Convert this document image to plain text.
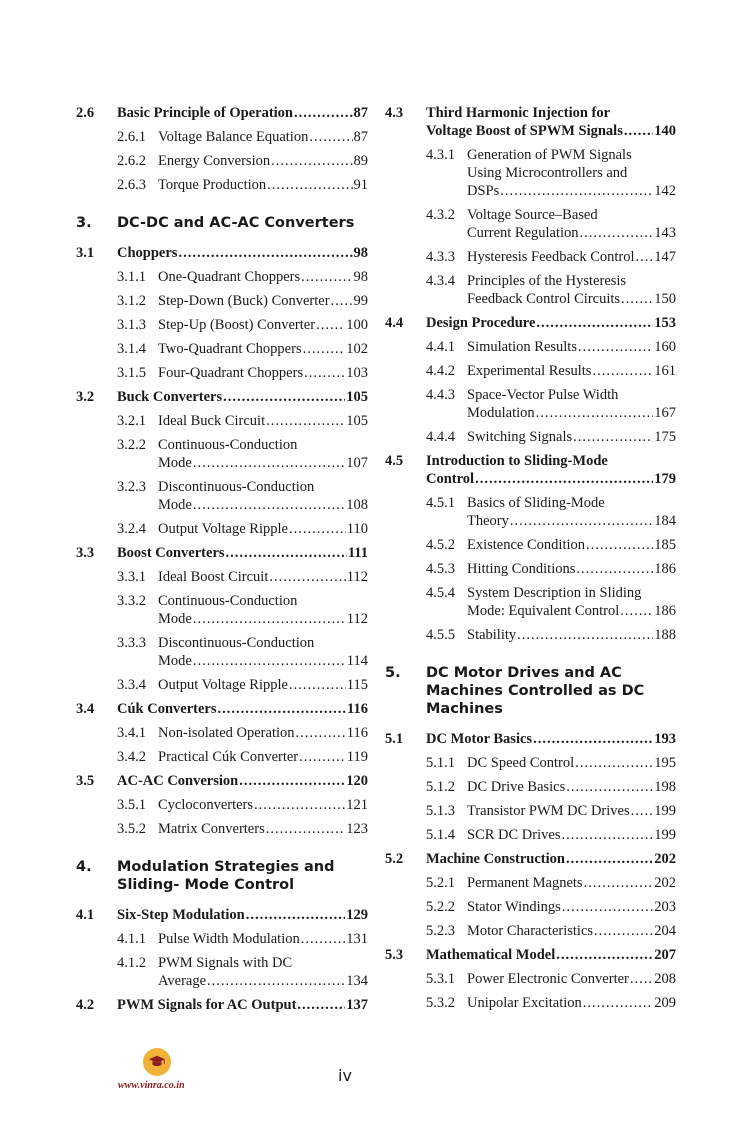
2.6	Basic Principle of Operation .....	87
2.6.1 Voltage Balance Equation .....	87
2.6.2 Energy Conversion .....	89
2.6.3 Torque Production .....	91
3.	DC-DC and AC-AC Converters
3.1	Choppers .....	98
3.1.1 One-Quadrant Choppers .....	98
3.1.2 Step-Down (Buck) Converter ..... 99
3.1.3 Step-Up (Boost) Converter ..... 100
3.1.4 Two-Quadrant Choppers .....	102
3.1.5 Four-Quadrant Choppers .....	103
3.2	Buck Converters .....	105
3.2.1 Ideal Buck Circuit .....	105
3.2.2 Continuous-Conduction
Mode .....	107
3.2.3 Discontinuous-Conduction
Mode .....	108
3.2.4 Output Voltage Ripple .....	110
3.3	Boost Converters .....	111
3.3.1 Ideal Boost Circuit .....	112
3.3.2 Continuous-Conduction
Mode .....	112
3.3.3 Discontinuous-Conduction
Mode .....	114
3.3.4 Output Voltage Ripple .....	115
3.4	Cúk Converters .....	116
3.4.1 Non-isolated Operation .....	116
3.4.2 Practical Cúk Converter .....	119
3.5	AC-AC Conversion .....	120
3.5.1 Cycloconverters .....	121
3.5.2 Matrix Converters .....	123
4.	Modulation Strategies and Sliding- Mode Control
4.1	Six-Step Modulation .....	129
4.1.1 Pulse Width Modulation .....	131
4.1.2 PWM Signals with DC
Average .....	134
4.2	PWM Signals for AC Output .....	137
4.3	Third Harmonic Injection for
Voltage Boost of SPWM Signals ..... 140
4.3.1 Generation of PWM Signals
Using Microcontrollers and
DSPs .....	142
4.3.2 Voltage Source–Based
Current Regulation .....	143
4.3.3 Hysteresis Feedback Control ..... 147
4.3.4 Principles of the Hysteresis
Feedback Control Circuits ..... 150
4.4	Design Procedure .....	153
4.4.1 Simulation Results .....	160
4.4.2 Experimental Results .....	161
4.4.3 Space-Vector Pulse Width
Modulation .....	167
4.4.4 Switching Signals .....	175
4.5	Introduction to Sliding-Mode
Control .....	179
4.5.1 Basics of Sliding-Mode
Theory .....	184
4.5.2 Existence Condition .....	185
4.5.3 Hitting Conditions .....	186
4.5.4 System Description in Sliding
Mode: Equivalent Control ..... 186
4.5.5 Stability .....	188
5.	DC Motor Drives and AC Machines Controlled as DC Machines
5.1	DC Motor Basics .....	193
5.1.1 DC Speed Control .....	195
5.1.2 DC Drive Basics .....	198
5.1.3 Transistor PWM DC Drives ..... 199
5.1.4 SCR DC Drives .....	199
5.2	Machine Construction .....	202
5.2.1 Permanent Magnets .....	202
5.2.2 Stator Windings .....	203
5.2.3 Motor Characteristics .....	204
5.3	Mathematical Model .....	207
5.3.1 Power Electronic Converter ..... 208
5.3.2 Unipolar Excitation .....	209
www.vinra.co.in
iv
